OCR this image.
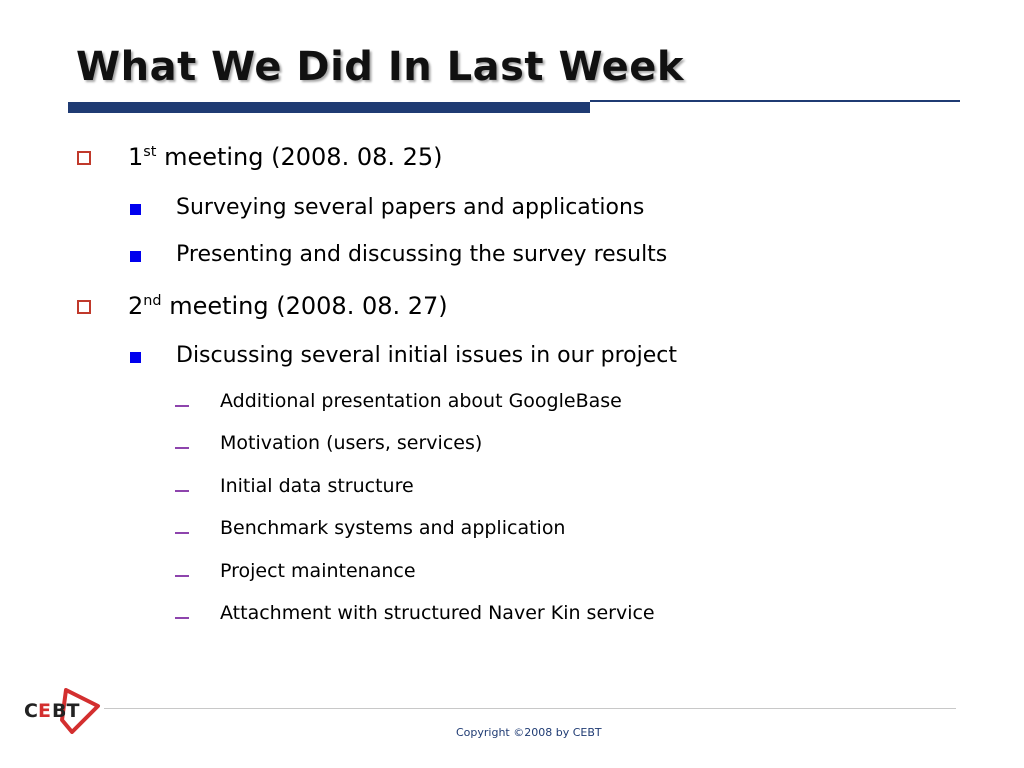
What We Did In Last Week
1st meeting (2008. 08. 25)
Surveying several papers and applications
Presenting and discussing the survey results
2nd meeting (2008. 08. 27)
Discussing several initial issues in our project
Additional presentation about GoogleBase
Motivation (users, services)
Initial data structure
Benchmark systems and application
Project maintenance
Attachment with structured Naver Kin service
C E BT
Copyright ©2008 by CEBT
